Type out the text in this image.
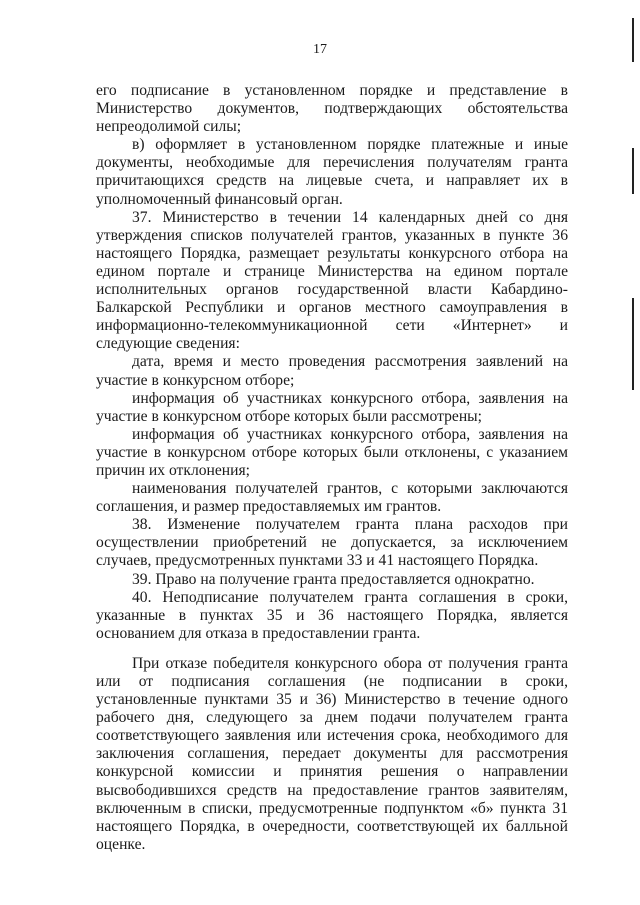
17

его подписание в установленном порядке и представление в Министерство документов, подтверждающих обстоятельства непреодолимой силы;

в) оформляет в установленном порядке платежные и иные документы, необходимые для перечисления получателям гранта причитающихся средств на лицевые счета, и направляет их в уполномоченный финансовый орган.

37. Министерство в течении 14 календарных дней со дня утверждения списков получателей грантов, указанных в пункте 36 настоящего Порядка, размещает результаты конкурсного отбора на едином портале и странице Министерства на едином портале исполнительных органов государственной власти Кабардино-Балкарской Республики и органов местного самоуправления в информационно-телекоммуникационной сети «Интернет» и следующие сведения:

дата, время и место проведения рассмотрения заявлений на участие в конкурсном отборе;

информация об участниках конкурсного отбора, заявления на участие в конкурсном отборе которых были рассмотрены;

информация об участниках конкурсного отбора, заявления на участие в конкурсном отборе которых были отклонены, с указанием причин их отклонения;

наименования получателей грантов, с которыми заключаются соглашения, и размер предоставляемых им грантов.

38. Изменение получателем гранта плана расходов при осуществлении приобретений не допускается, за исключением случаев, предусмотренных пунктами 33 и 41 настоящего Порядка.

39. Право на получение гранта предоставляется однократно.

40. Неподписание получателем гранта соглашения в сроки, указанные в пунктах 35 и 36 настоящего Порядка, является основанием для отказа в предоставлении гранта.

При отказе победителя конкурсного обора от получения гранта или от подписания соглашения (не подписании в сроки, установленные пунктами 35 и 36) Министерство в течение одного рабочего дня, следующего за днем подачи получателем гранта соответствующего заявления или истечения срока, необходимого для заключения соглашения, передает документы для рассмотрения конкурсной комиссии и принятия решения о направлении высвободившихся средств на предоставление грантов заявителям, включенным в списки, предусмотренные подпунктом «б» пункта 31 настоящего Порядка, в очередности, соответствующей их балльной оценке.
